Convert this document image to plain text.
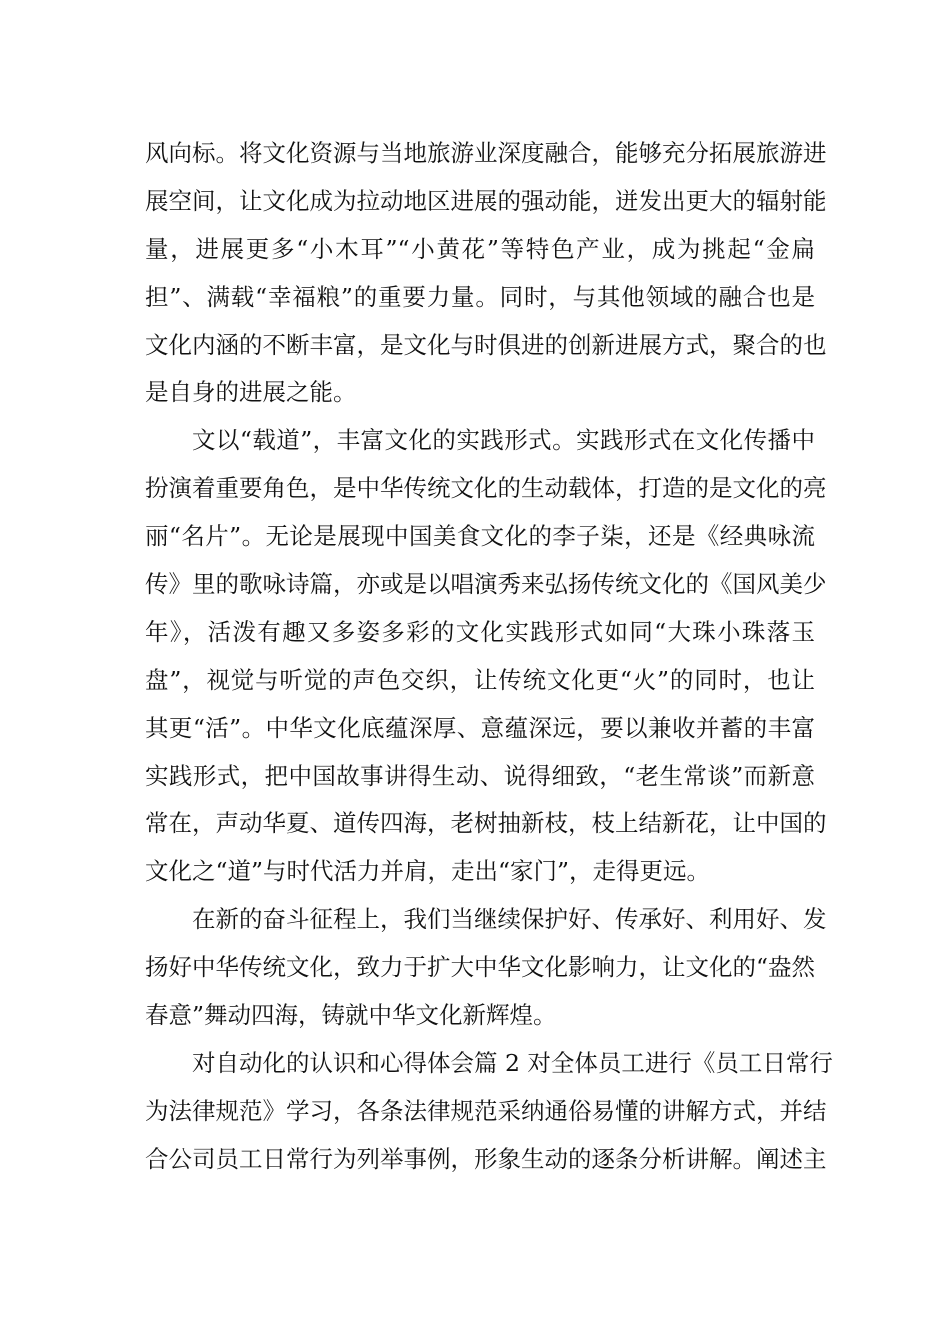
风向标。将文化资源与当地旅游业深度融合，能够充分拓展旅游进
展空间，让文化成为拉动地区进展的强动能，迸发出更大的辐射能
量，进展更多“小木耳”“小黄花”等特色产业，成为挑起“金扁
担”、满载“幸福粮”的重要力量。同时，与其他领域的融合也是
文化内涵的不断丰富，是文化与时俱进的创新进展方式，聚合的也
是自身的进展之能。
文以“载道”，丰富文化的实践形式。实践形式在文化传播中
扮演着重要角色，是中华传统文化的生动载体，打造的是文化的亮
丽“名片”。无论是展现中国美食文化的李子柒，还是《经典咏流
传》里的歌咏诗篇，亦或是以唱演秀来弘扬传统文化的《国风美少
年》，活泼有趣又多姿多彩的文化实践形式如同“大珠小珠落玉
盘”，视觉与听觉的声色交织，让传统文化更“火”的同时，也让
其更“活”。中华文化底蕴深厚、意蕴深远，要以兼收并蓄的丰富
实践形式，把中国故事讲得生动、说得细致，“老生常谈”而新意
常在，声动华夏、道传四海，老树抽新枝，枝上结新花，让中国的
文化之“道”与时代活力并肩，走出“家门”，走得更远。
在新的奋斗征程上，我们当继续保护好、传承好、利用好、发
扬好中华传统文化，致力于扩大中华文化影响力，让文化的“盎然
春意”舞动四海，铸就中华文化新辉煌。
对自动化的认识和心得体会篇 2 对全体员工进行《员工日常行
为法律规范》学习，各条法律规范采纳通俗易懂的讲解方式，并结
合公司员工日常行为列举事例，形象生动的逐条分析讲解。阐述主
